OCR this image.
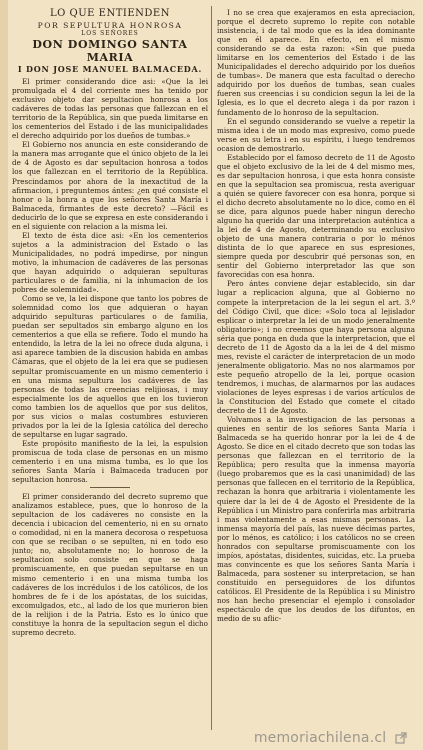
LO QUE ENTIENDEN

POR SEPULTURA HONROSA

LOS SEÑORES

DON DOMINGO SANTA MARIA

I DON JOSE MANUEL BALMACEDA.

El primer considerando dice asi: «Que la lei promulgada el 4 del corriente mes ha tenido por exclusivo objeto dar sepultacion honrosa a los cadáveres de todas las personas que fallezcan en el territorio de la República, sin que pueda limitarse en los cementerios del Estado i de las municipalidades el derecho adquirido por los dueños de tumbas.»

El Gobierno nos anuncia en este considerando de la manera mas arrogante que el único objeto de la lei de 4 de Agosto es dar sepultacion honrosa a todos los que fallezcan en el territorio de la República. Prescindamos por ahora de la inexactitud de la afirmacion, i preguntemos ántes: ¿en qué consiste el honor o la honra a que los señores Santa María i Balmaceda, firmantes de este decreto? —Fácil es deducirlo de lo que se expresa en este considerando i en el siguiente con relacion a la misma lei.

El texto de ésta dice asi: «En los cementerios sujetos a la administracion del Estado o las Municipalidades, no podrá impedirse, por ningun motivo, la inhumacion de cadáveres de las personas que hayan adquirido o adquieran sepulturas particulares o de familia, ni la inhumacion de los pobres de solemnidad».

Como se ve, la lei dispone que tanto los pobres de solemnidad como los que adquieran o hayan adquirido sepulturas particulares o de familia, puedan ser sepultados sin embargo alguno en los cementerios a que ella se refiere. Todo el mundo ha entendido, la letra de la lei no ofrece duda alguna, i asi aparece tambien de la discusion habida en ambas Cámaras, que el objeto de la lei era que se pudiesen sepultar promiscuamente en un mismo cementerio i en una misma sepultura los cadáveres de las personas de todas las creencias relijiosas, i muy especialmente los de aquellos que en los tuvieron como tambien los de aquellos que por sus delitos, por sus vicios o malas costumbres estuvieren privados por la lei de la Iglesia católica del derecho de sepultarse en lugar sagrado.

Este propósito manifiesto de la lei, la espulsion promiscua de toda clase de personas en un mismo cementerio i en una misma tumba, es lo que los señores Santa María i Balmaceda traducen por sepultacion honrosa.

El primer considerando del decreto supremo que analizamos establece, pues, que lo honroso de la sepultacion de los cadáveres no consiste en la decencia i ubicacion del cementerio, ni en su ornato o comodidad, ni en la manera decorosa o respetuosa con que se reciban o se sepulten, ni en todo eso junto; no, absolutamente no; lo honroso de la sepultacion solo consiste en que se haga promiscuamente, en que puedan sepultarse en un mismo cementerio i en una misma tumba los cadáveres de los incrédulos i de los católicos, de los hombres de fe i de los apóstatas, de los suicidas, excomulgados, etc., al lado de los que murieron bien de la relijion i de la Patria. Esto es lo único que constituye la honra de la sepultacion segun el dicho supremo decreto.

I no se crea que exajeramos en esta apreciacion, porque el decreto supremo lo repite con notable insistencia, i de tal modo que es la idea dominante que en él aparece. En efecto, en el mismo considerando se da esta razon: «Sin que pueda limitarse en los cementerios del Estado i de las Municipalidades el derecho adquirido por los dueños de tumbas». De manera que esta facultad o derecho adquirido por los dueños de tumbas, sean cuales fueren sus creencias i su condicion segun la lei de la Iglesia, es lo que el decreto alega i da por razon i fundamento de lo honroso de la sepultacion.

En el segundo considerando se vuelve a repetir la misma idea i de un modo mas expresivo, como puede verse en su letra i en su espíritu, i luego tendremos ocasion de demostrarlo.

Establecido por el famoso decreto de 11 de Agosto que el objeto exclusivo de la lei de 4 del mismo mes, es dar sepultacion honrosa, i que esta honra consiste en que la sepultacion sea promiscua, resta averiguar a quién se quiere favorecer con esa honra, porque si el dicho decreto absolutamente no lo dice, como en él se dice, para algunos puede haber ningun derecho alguno ha querido dar una interpretacion auténtica a la lei de 4 de Agosto, determinando su exclusivo objeto de una manera contraria o por lo ménos distinta de lo que aparece en sus espresiones, siempre queda por descubrir qué personas son, en sentir del Gobierno interpretador las que son favorecidas con esa honra.

Pero ántes conviene dejar establecido, sin dar lugar a replicacion alguna, que al Gobierno no compete la interpretacion de la lei segun el art. 3.º del Código Civil, que dice: «Solo toca al lejislador esplicar o interpretar la lei de un modo jeneralmente obligatorio»; i no creemos que haya persona alguna séria que ponga en duda que la interpretacion, que el decreto de 11 de Agosto da a la lei de 4 del mismo mes, reviste el carácter de interpretacion de un modo jeneralmente obligatorio. Mas no nos alarmamos por este pequeño atropello de la lei, porque ocasion tendremos, i muchas, de alarmarnos por las audaces violaciones de leyes espresas i de varios artículos de la Constitucion del Estado que comete el citado decreto de 11 de Agosto.

Volvamos a la investigacion de las personas a quienes en sentir de los señores Santa María i Balmaceda se ha querido honrar por la lei de 4 de Agosto. Se dice en el citado decreto que son todas las personas que fallezcan en el territorio de la República; pero resulta que la inmensa mayoría (luego probaremos que es la casi unanimidad) de las personas que fallecen en el territorio de la República, rechazan la honra que arbitraria i violentamente les quiere dar la lei de 4 de Agosto el Presidente de la República i un Ministro para conferirla mas arbitraria i mas violentamente a esas mismas personas. La inmensa mayoría del país, las nueve décimas partes, por lo ménos, es católico; i los católicos no se creen honrados con sepultarse promiscuamente con los impíos, apóstatas, disidentes, suicidas, etc. La prueba mas convincente es que los señores Santa María i Balmaceda, para sostener su interpretacion, se han constituido en perseguidores de los difuntos católicos. El Presidente de la República i su Ministro nos han hecho presenciar el ejemplo i consolador espectáculo de que los deudos de los difuntos, en medio de su aflic-

memoriachilena.cl
